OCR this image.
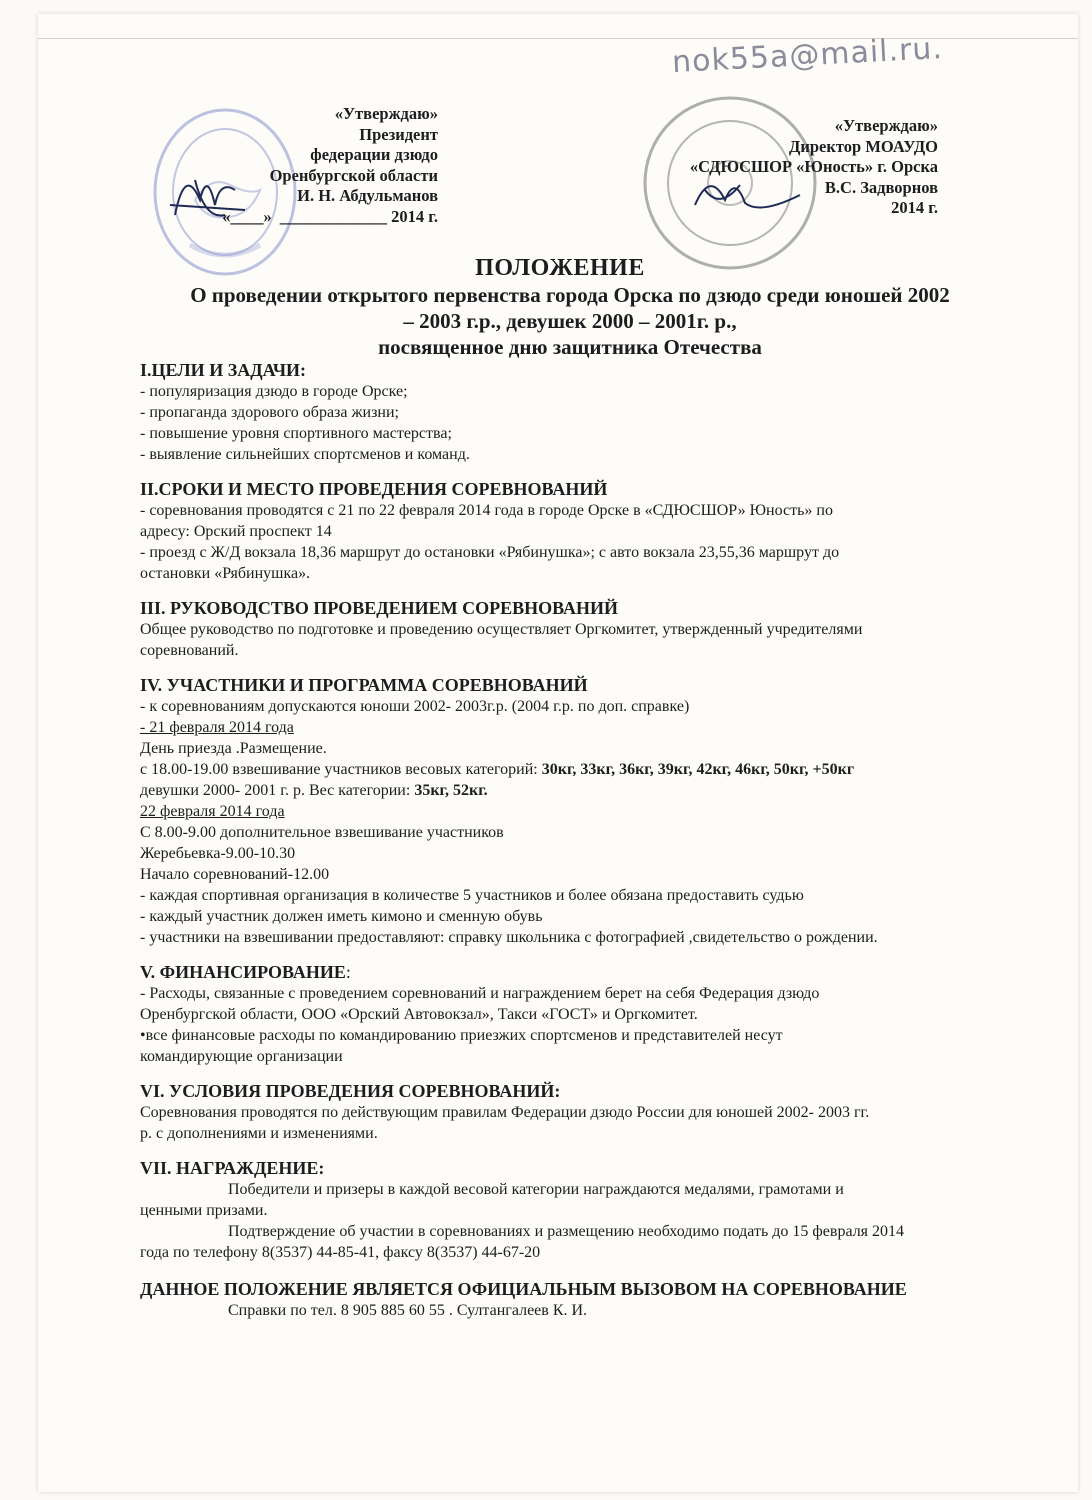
nok55a@mail.ru.
«Утверждаю»
Президент
федерации дзюдо
Оренбургской области
И. Н. Абдульманов
«____» _____________ 2014 г.
«Утверждаю»
Директор МОАУДО
«СДЮСШОР «Юность» г. Орска
В.С. Задворнов
2014 г.
ПОЛОЖЕНИЕ
О проведении открытого первенства города Орска по дзюдо среди юношей 2002
– 2003 г.р., девушек 2000 – 2001г. р.,
посвященное дню защитника Отечества
I.ЦЕЛИ И ЗАДАЧИ:
- популяризация дзюдо в городе Орске;
- пропаганда здорового образа жизни;
- повышение уровня спортивного мастерства;
- выявление сильнейших спортсменов и команд.
II.СРОКИ И МЕСТО ПРОВЕДЕНИЯ СОРЕВНОВАНИЙ
- соревнования проводятся с 21 по 22 февраля 2014 года в городе Орске в «СДЮСШОР» Юность» по
адресу: Орский проспект 14
- проезд с Ж/Д вокзала 18,36 маршрут до остановки «Рябинушка»; с авто вокзала 23,55,36 маршрут до
остановки «Рябинушка».
III. РУКОВОДСТВО ПРОВЕДЕНИЕМ СОРЕВНОВАНИЙ
Общее руководство по подготовке и проведению осуществляет Оргкомитет, утвержденный учредителями
соревнований.
IV. УЧАСТНИКИ И ПРОГРАММА СОРЕВНОВАНИЙ
- к соревнованиям допускаются юноши 2002- 2003г.р. (2004 г.р. по доп. справке)
- 21 февраля 2014 года
День приезда .Размещение.
с 18.00-19.00 взвешивание участников весовых категорий: 30кг, 33кг, 36кг, 39кг, 42кг, 46кг, 50кг, +50кг
девушки 2000- 2001 г. р. Вес категории: 35кг, 52кг.
22 февраля 2014 года
С 8.00-9.00 дополнительное взвешивание участников
Жеребьевка-9.00-10.30
Начало соревнований-12.00
- каждая спортивная организация в количестве 5 участников и более обязана предоставить судью
- каждый участник должен иметь кимоно и сменную обувь
- участники на взвешивании предоставляют: справку школьника с фотографией ,свидетельство о рождении.
V. ФИНАНСИРОВАНИЕ:
- Расходы, связанные с проведением соревнований и награждением берет на себя Федерация дзюдо
Оренбургской области, ООО «Орский Автовокзал», Такси «ГОСТ» и Оргкомитет.
•все финансовые расходы по командированию приезжих спортсменов и представителей несут
командирующие организации
VI. УСЛОВИЯ ПРОВЕДЕНИЯ СОРЕВНОВАНИЙ:
Соревнования проводятся по действующим правилам Федерации дзюдо России для юношей 2002- 2003 гг.
р. с дополнениями и изменениями.
VII. НАГРАЖДЕНИЕ:
Победители и призеры в каждой весовой категории награждаются медалями, грамотами и
ценными призами.
Подтверждение об участии в соревнованиях и размещению необходимо подать до 15 февраля 2014
года по телефону 8(3537) 44-85-41, факсу 8(3537) 44-67-20
ДАННОЕ ПОЛОЖЕНИЕ ЯВЛЯЕТСЯ ОФИЦИАЛЬНЫМ ВЫЗОВОМ НА СОРЕВНОВАНИЕ
Справки по тел. 8 905 885 60 55 . Султангалеев К. И.
